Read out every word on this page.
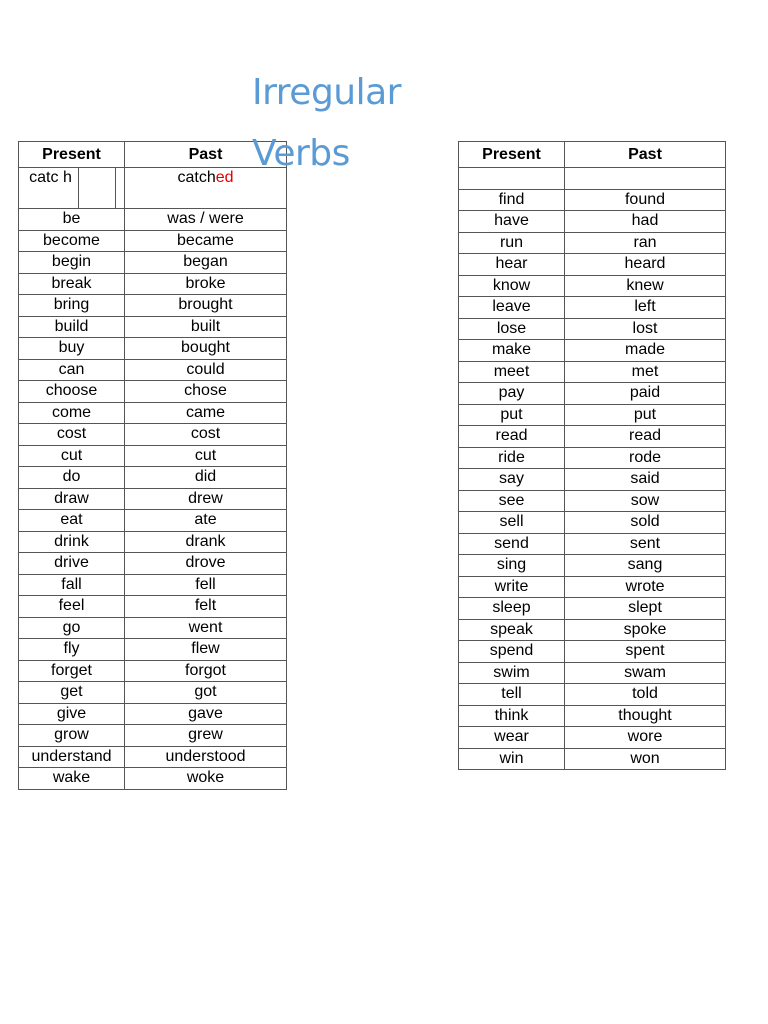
Irregular
Verbs
Present	Past

catc h	catched
be	was / were
become	became
begin	began
break	broke
bring	brought
build	built
buy	bought
can	could
choose	chose
come	came
cost	cost
cut	cut
do	did
draw	drew
eat	ate
drink	drank
drive	drove
fall	fell
feel	felt
go	went
fly	flew
forget	forgot
get	got
give	gave
grow	grew
understand	understood
wake	woke
Present	Past

find	found
have	had
run	ran
hear	heard
know	knew
leave	left
lose	lost
make	made
meet	met
pay	paid
put	put
read	read
ride	rode
say	said
see	sow
sell	sold
send	sent
sing	sang
write	wrote
sleep	slept
speak	spoke
spend	spent
swim	swam
tell	told
think	thought
wear	wore
win	won
